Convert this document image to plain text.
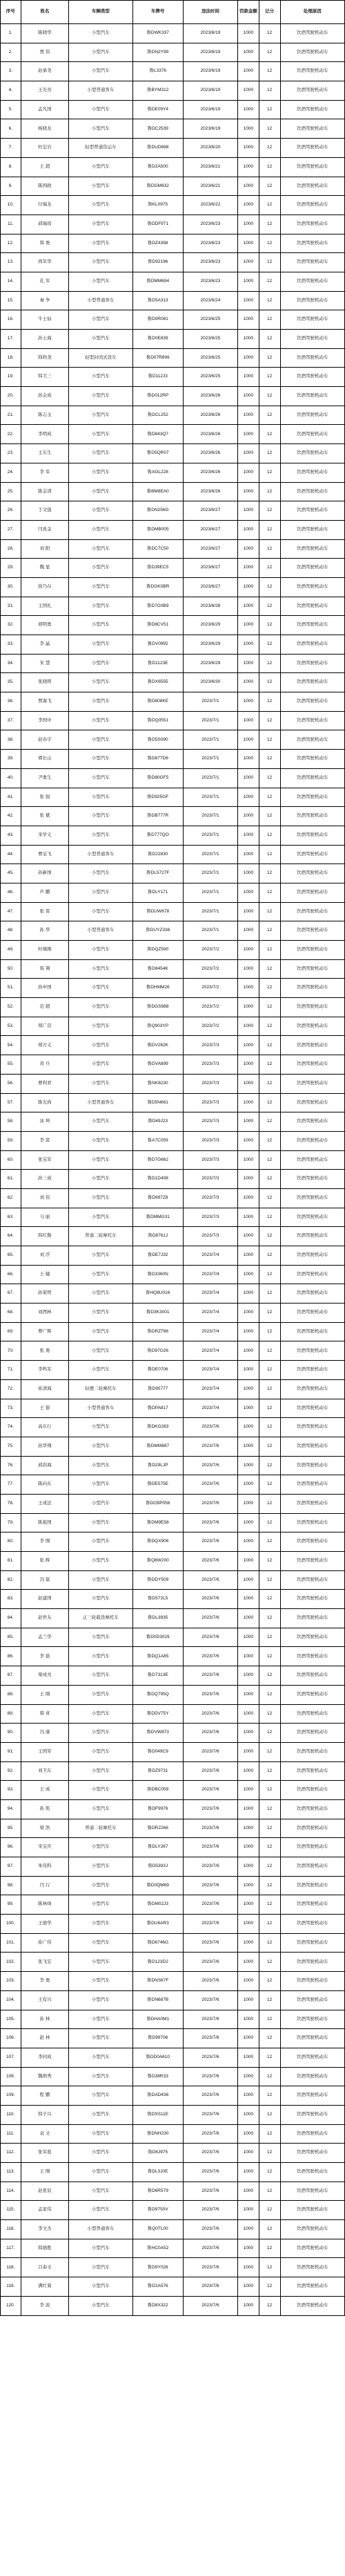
序号	姓名	车辆类型	车牌号	违法时间	罚款金额	记分	处理原因
1.	陈晓华	小型汽车	鲁DWK337	2023/6/19	1000	12	饮酒驾驶机动车
2.	贾 伟	小型汽车	鲁DN2Y99	2023/6/19	1000	12	饮酒驾驶机动车
3.	赵承尧	小型汽车	鲁L3376	2023/6/19	1000	12	饮酒驾驶机动车
4.	王光亮	小型普通客车	鲁BYM312	2023/6/19	1000	12	饮酒驾驶机动车
5.	孟凡国	小型汽车	鲁DE09Y4	2023/6/19	1000	12	饮酒驾驶机动车
6.	杨晓龙	小型汽车	鲁DC2539	2023/6/19	1000	12	饮酒驾驶机动车
7.	杜宏岩	轻型普通货运车	鲁DUD698	2023/6/20	1000	12	饮酒驾驶机动车
8.	王 超	小型汽车	鲁D2A500	2023/6/21	1000	12	饮酒驾驶机动车
9.	陈国政	小型汽车	鲁DGM632	2023/6/21	1000	12	饮酒驾驶机动车
10.	付瑞龙	小型汽车	鲁KL0975	2023/6/22	1000	12	饮酒驾驶机动车
11.	邱瑞瑶	小型汽车	鲁DDF971	2023/6/23	1000	12	饮酒驾驶机动车
12.	韩 勇	小型汽车	鲁DZ4398	2023/6/23	1000	12	饮酒驾驶机动车
13.	尚军华	小型汽车	鲁D92196	2023/6/23	1000	12	饮酒驾驶机动车
14.	孔 军	小型汽车	鲁DMM694	2023/6/23	1000	12	饮酒驾驶机动车
15.	秦 争	小型普通客车	鲁D5A313	2023/6/24	1000	12	饮酒驾驶机动车
16.	牛士仙	小型汽车	鲁D0R081	2023/6/25	1000	12	饮酒驾驶机动车
17.	孙士海	小型汽车	鲁D0E839	2023/6/25	1000	12	饮酒驾驶机动车
18.	韩尚尧	轻型封闭式货车	鲁D07R899	2023/6/25	1000	12	饮酒驾驶机动车
19.	韩卫三	小型汽车	鲁D112J3	2023/6/25	1000	12	饮酒驾驶机动车
20.	孙金成	小型汽车	鲁D012RP	2023/6/26	1000	12	饮酒驾驶机动车
21.	陈志玉	小型汽车	鲁DCL252	2023/6/26	1000	12	饮酒驾驶机动车
22.	李明成	小型汽车	鲁D843Q7	2023/6/26	1000	12	饮酒驾驶机动车
23.	王东生	小型汽车	鲁D5QR07	2023/6/26	1000	12	饮酒驾驶机动车
24.	李 军	小型汽车	鲁AGL228	2023/6/26	1000	12	饮酒驾驶机动车
25.	陈金清	小型汽车	鲁BM8EA0	2023/6/26	1000	12	饮酒驾驶机动车
26.	于文强	小型汽车	鲁DN256G	2023/6/27	1000	12	饮酒驾驶机动车
27.	闫兆金	小型汽车	鲁DMB005	2023/6/27	1000	12	饮酒驾驶机动车
28.	刘 阳	小型汽车	鲁DC7C50	2023/6/27	1000	12	饮酒驾驶机动车
29.	魏 显	小型汽车	鲁D39EC5	2023/6/27	1000	12	饮酒驾驶机动车
30.	徐乃存	小型汽车	鲁DGK0BR	2023/6/27	1000	12	饮酒驾驶机动车
31.	王国礼	小型汽车	鲁D7G0B9	2023/6/28	1000	12	饮酒驾驶机动车
32.	胡明勇	小型汽车	鲁D8CV51	2023/6/29	1000	12	饮酒驾驶机动车
33.	李 晶	小型汽车	鲁DV0992	2023/6/29	1000	12	饮酒驾驶机动车
34.	宋 慧	小型汽车	鲁D1123E	2023/6/29	1000	12	饮酒驾驶机动车
35.	张晓明	小型汽车	鲁DX6555	2023/6/30	1000	12	饮酒驾驶机动车
36.	贾海飞	小型汽车	鲁D808KE	2023/7/1	1000	12	饮酒驾驶机动车
37.	李国中	小型汽车	鲁DQ0551	2023/7/1	1000	12	饮酒驾驶机动车
38.	赵春宇	小型汽车	鲁D5S090	2023/7/1	1000	12	饮酒驾驶机动车
39.	谭长山	小型汽车	鲁D877D6	2023/7/1	1000	12	饮酒驾驶机动车
40.	尹勇生	小型汽车	鲁D80GF5	2023/7/1	1000	12	饮酒驾驶机动车
41.	张 强	小型汽车	鲁D925GF	2023/7/1	1000	12	饮酒驾驶机动车
42.	张 斌	小型汽车	鲁DB777R	2023/7/1	1000	12	饮酒驾驶机动车
43.	宋学义	小型汽车	鲁D777QO	2023/7/1	1000	12	饮酒驾驶机动车
44.	曹宝飞	小型普通客车	鲁D22830	2023/7/1	1000	12	饮酒驾驶机动车
45.	孙新国	小型汽车	鲁DL5727F	2023/7/1	1000	12	饮酒驾驶机动车
46.	芦 鹏	小型汽车	鲁DLY171	2023/7/1	1000	12	饮酒驾驶机动车
47.	张 雷	小型汽车	鲁DUW678	2023/7/1	1000	12	饮酒驾驶机动车
48.	孙 华	小型普通客车	鲁DUYZ338	2023/7/1	1000	12	饮酒驾驶机动车
49.	杜继刚	小型汽车	鲁DQZ590	2023/7/2	1000	12	饮酒驾驶机动车
50.	韩 翔	小型汽车	鲁D8454K	2023/7/2	1000	12	饮酒驾驶机动车
51.	孙申国	小型汽车	鲁DHMM26	2023/7/2	1000	12	饮酒驾驶机动车
52.	范 超	小型汽车	鲁DGS988	2023/7/2	1000	12	饮酒驾驶机动车
53.	郑广营	小型汽车	鲁Q903YP	2023/7/2	1000	12	饮酒驾驶机动车
54.	郑方义	小型汽车	鲁DV262K	2023/7/3	1000	12	饮酒驾驶机动车
55.	黄 兵	小型汽车	鲁DVA899	2023/7/3	1000	12	饮酒驾驶机动车
56.	曹利君	小型汽车	鲁NK8230	2023/7/3	1000	12	饮酒驾驶机动车
57.	陈光尚	小型普通客车	鲁D5N661	2023/7/3	1000	12	饮酒驾驶机动车
58.	冰 坤	小型汽车	鲁D49J23	2023/7/3	1000	12	饮酒驾驶机动车
59.	李 雷	小型汽车	鲁A7C059	2023/7/3	1000	12	饮酒驾驶机动车
60.	张宝军	小型汽车	鲁D7G662	2023/7/3	1000	12	饮酒驾驶机动车
61.	孙三成	小型汽车	鲁D1D408	2023/7/3	1000	12	饮酒驾驶机动车
62.	刘 伟	小型汽车	鲁D997Z8	2023/7/3	1000	12	饮酒驾驶机动车
63.	马 丽	小型汽车	鲁DMMG31	2023/7/3	1000	12	饮酒驾驶机动车
64.	韩红勤	普通二轮摩托车	鲁D8761J	2023/7/3	1000	12	饮酒驾驶机动车
65.	刘 浮	小型汽车	鲁DE7J32	2023/7/4	1000	12	饮酒驾驶机动车
66.	王 健	小型汽车	鲁D3360N	2023/7/4	1000	12	饮酒驾驶机动车
67.	孙家明	小型汽车	鲁HQ8U016	2023/7/4	1000	12	饮酒驾驶机动车
68.	刘西林	小型汽车	鲁D3K3001	2023/7/4	1000	12	饮酒驾驶机动车
69.	曹广辉	小型汽车	鲁DRZ786	2023/7/4	1000	12	饮酒驾驶机动车
70.	张 勇	小型汽车	鲁D97G26	2023/7/4	1000	12	饮酒驾驶机动车
71.	李鸣军	小型汽车	鲁DE0706	2023/7/4	1000	12	饮酒驾驶机动车
72.	崔清海	轻便二轮摩托车	鲁D95777	2023/7/4	1000	12	饮酒驾驶机动车
73.	王 银	小型普通客车	鲁DPA817	2023/7/4	1000	12	饮酒驾驶机动车
74.	高东行	小型汽车	鲁DKG283	2023/7/6	1000	12	饮酒驾驶机动车
75.	孙华翔	小型汽车	鲁DMM887	2023/7/6	1000	12	饮酒驾驶机动车
76.	邱洪海	小型汽车	鲁D29LJP	2023/7/6	1000	12	饮酒驾驶机动车
77.	陈向东	小型汽车	鲁DE575E	2023/7/6	1000	12	饮酒驾驶机动车
78.	王成法	小型汽车	鲁DCBP056	2023/7/6	1000	12	饮酒驾驶机动车
79.	陈祖国	小型汽车	鲁DM9E58	2023/7/6	1000	12	饮酒驾驶机动车
80.	李 刚	小型汽车	鲁DQX906	2023/7/6	1000	12	饮酒驾驶机动车
81.	张 辉	小型汽车	鲁Q8W200	2023/7/6	1000	12	饮酒驾驶机动车
82.	冯 磊	小型汽车	鲁DDY509	2023/7/6	1000	12	饮酒驾驶机动车
83.	赵建国	小型汽车	鲁D572L5	2023/7/6	1000	12	饮酒驾驶机动车
84.	赵世友	正三轮载货摩托车	鲁DL3935	2023/7/6	1000	12	饮酒驾驶机动车
85.	孟兰华	小型汽车	鲁D0D3029	2023/7/6	1000	12	饮酒驾驶机动车
86.	李 磊	小型汽车	鲁DQ1A85	2023/7/6	1000	12	饮酒驾驶机动车
87.	梁成亮	小型汽车	鲁D7313E	2023/7/6	1000	12	饮酒驾驶机动车
88.	王 刚	小型汽车	鲁DQ795Q	2023/7/6	1000	12	饮酒驾驶机动车
89.	韩 喜	小型汽车	鲁DDV75Y	2023/7/6	1000	12	饮酒驾驶机动车
90.	冯 康	小型汽车	鲁DVW873	2023/7/6	1000	12	饮酒驾驶机动车
91.	王国军	小型汽车	鲁D049C9	2023/7/6	1000	12	饮酒驾驶机动车
92.	刘卫东	小型汽车	鲁DZ9731	2023/7/6	1000	12	饮酒驾驶机动车
93.	王 成	小型汽车	鲁DBC059	2023/7/6	1000	12	饮酒驾驶机动车
94.	孙 凯	小型汽车	鲁DF9976	2023/7/6	1000	12	饮酒驾驶机动车
95.	梁 浩	普通二轮摩托车	鲁DR2266	2023/7/6	1000	12	饮酒驾驶机动车
96.	宋宝庆	小型汽车	鲁DLY267	2023/7/6	1000	12	饮酒驾驶机动车
97.	朱伟科	小型汽车	鲁D5393J	2023/7/6	1000	12	饮酒驾驶机动车
98.	闫 行	小型汽车	鲁D0QM69	2023/7/6	1000	12	饮酒驾驶机动车
99.	陈林烽	小型汽车	鲁DM02J3	2023/7/6	1000	12	饮酒驾驶机动车
100.	王德华	小型汽车	鲁DU6AR3	2023/7/6	1000	12	饮酒驾驶机动车
101.	崔广伟	小型汽车	鲁D6746G	2023/7/6	1000	12	饮酒驾驶机动车
102.	张飞宏	小型汽车	鲁D123D2	2023/7/6	1000	12	饮酒驾驶机动车
103.	李 勇	小型汽车	鲁DNS67F	2023/7/6	1000	12	饮酒驾驶机动车
104.	王有兴	小型汽车	鲁DN687B	2023/7/6	1000	12	饮酒驾驶机动车
105.	孙 林	小型汽车	鲁DHA0M1	2023/7/6	1000	12	饮酒驾驶机动车
106.	赵 林	小型汽车	鲁D99706	2023/7/6	1000	12	饮酒驾驶机动车
107.	李同成	小型汽车	鲁DD0A610	2023/7/6	1000	12	饮酒驾驶机动车
108.	魏炳秀	小型汽车	鲁D38R33	2023/7/6	1000	12	饮酒驾驶机动车
109.	程 鹏	小型汽车	鲁DAD436	2023/7/6	1000	12	饮酒驾驶机动车
110.	韩子兴	小型汽车	鲁DSS11E	2023/7/6	1000	12	饮酒驾驶机动车
111.	袁 文	小型汽车	鲁DNH230	2023/7/6	1000	12	饮酒驾驶机动车
112.	张军庭	小型汽车	鲁D6J975	2023/7/6	1000	12	饮酒驾驶机动车
113.	王 刚	小型汽车	鲁DL3J0E	2023/7/6	1000	12	饮酒驾驶机动车
114.	赵星辰	小型汽车	鲁D6R579	2023/7/6	1000	12	饮酒驾驶机动车
115.	孟家伟	小型汽车	鲁D9750V	2023/7/6	1000	12	饮酒驾驶机动车
116.	李文杰	小型普通客车	鲁Q0TL00	2023/7/6	1000	12	饮酒驾驶机动车
117.	韩德胜	小型汽车	鲁HC0A52	2023/7/6	1000	12	饮酒驾驶机动车
118.	吕泰文	小型汽车	鲁D9Y026	2023/7/6	1000	12	饮酒驾驶机动车
119.	满红菊	小型汽车	鲁D2A576	2023/7/6	1000	12	饮酒驾驶机动车
120.	李 波	小型汽车	鲁D8X322	2023/7/6	1000	12	饮酒驾驶机动车
